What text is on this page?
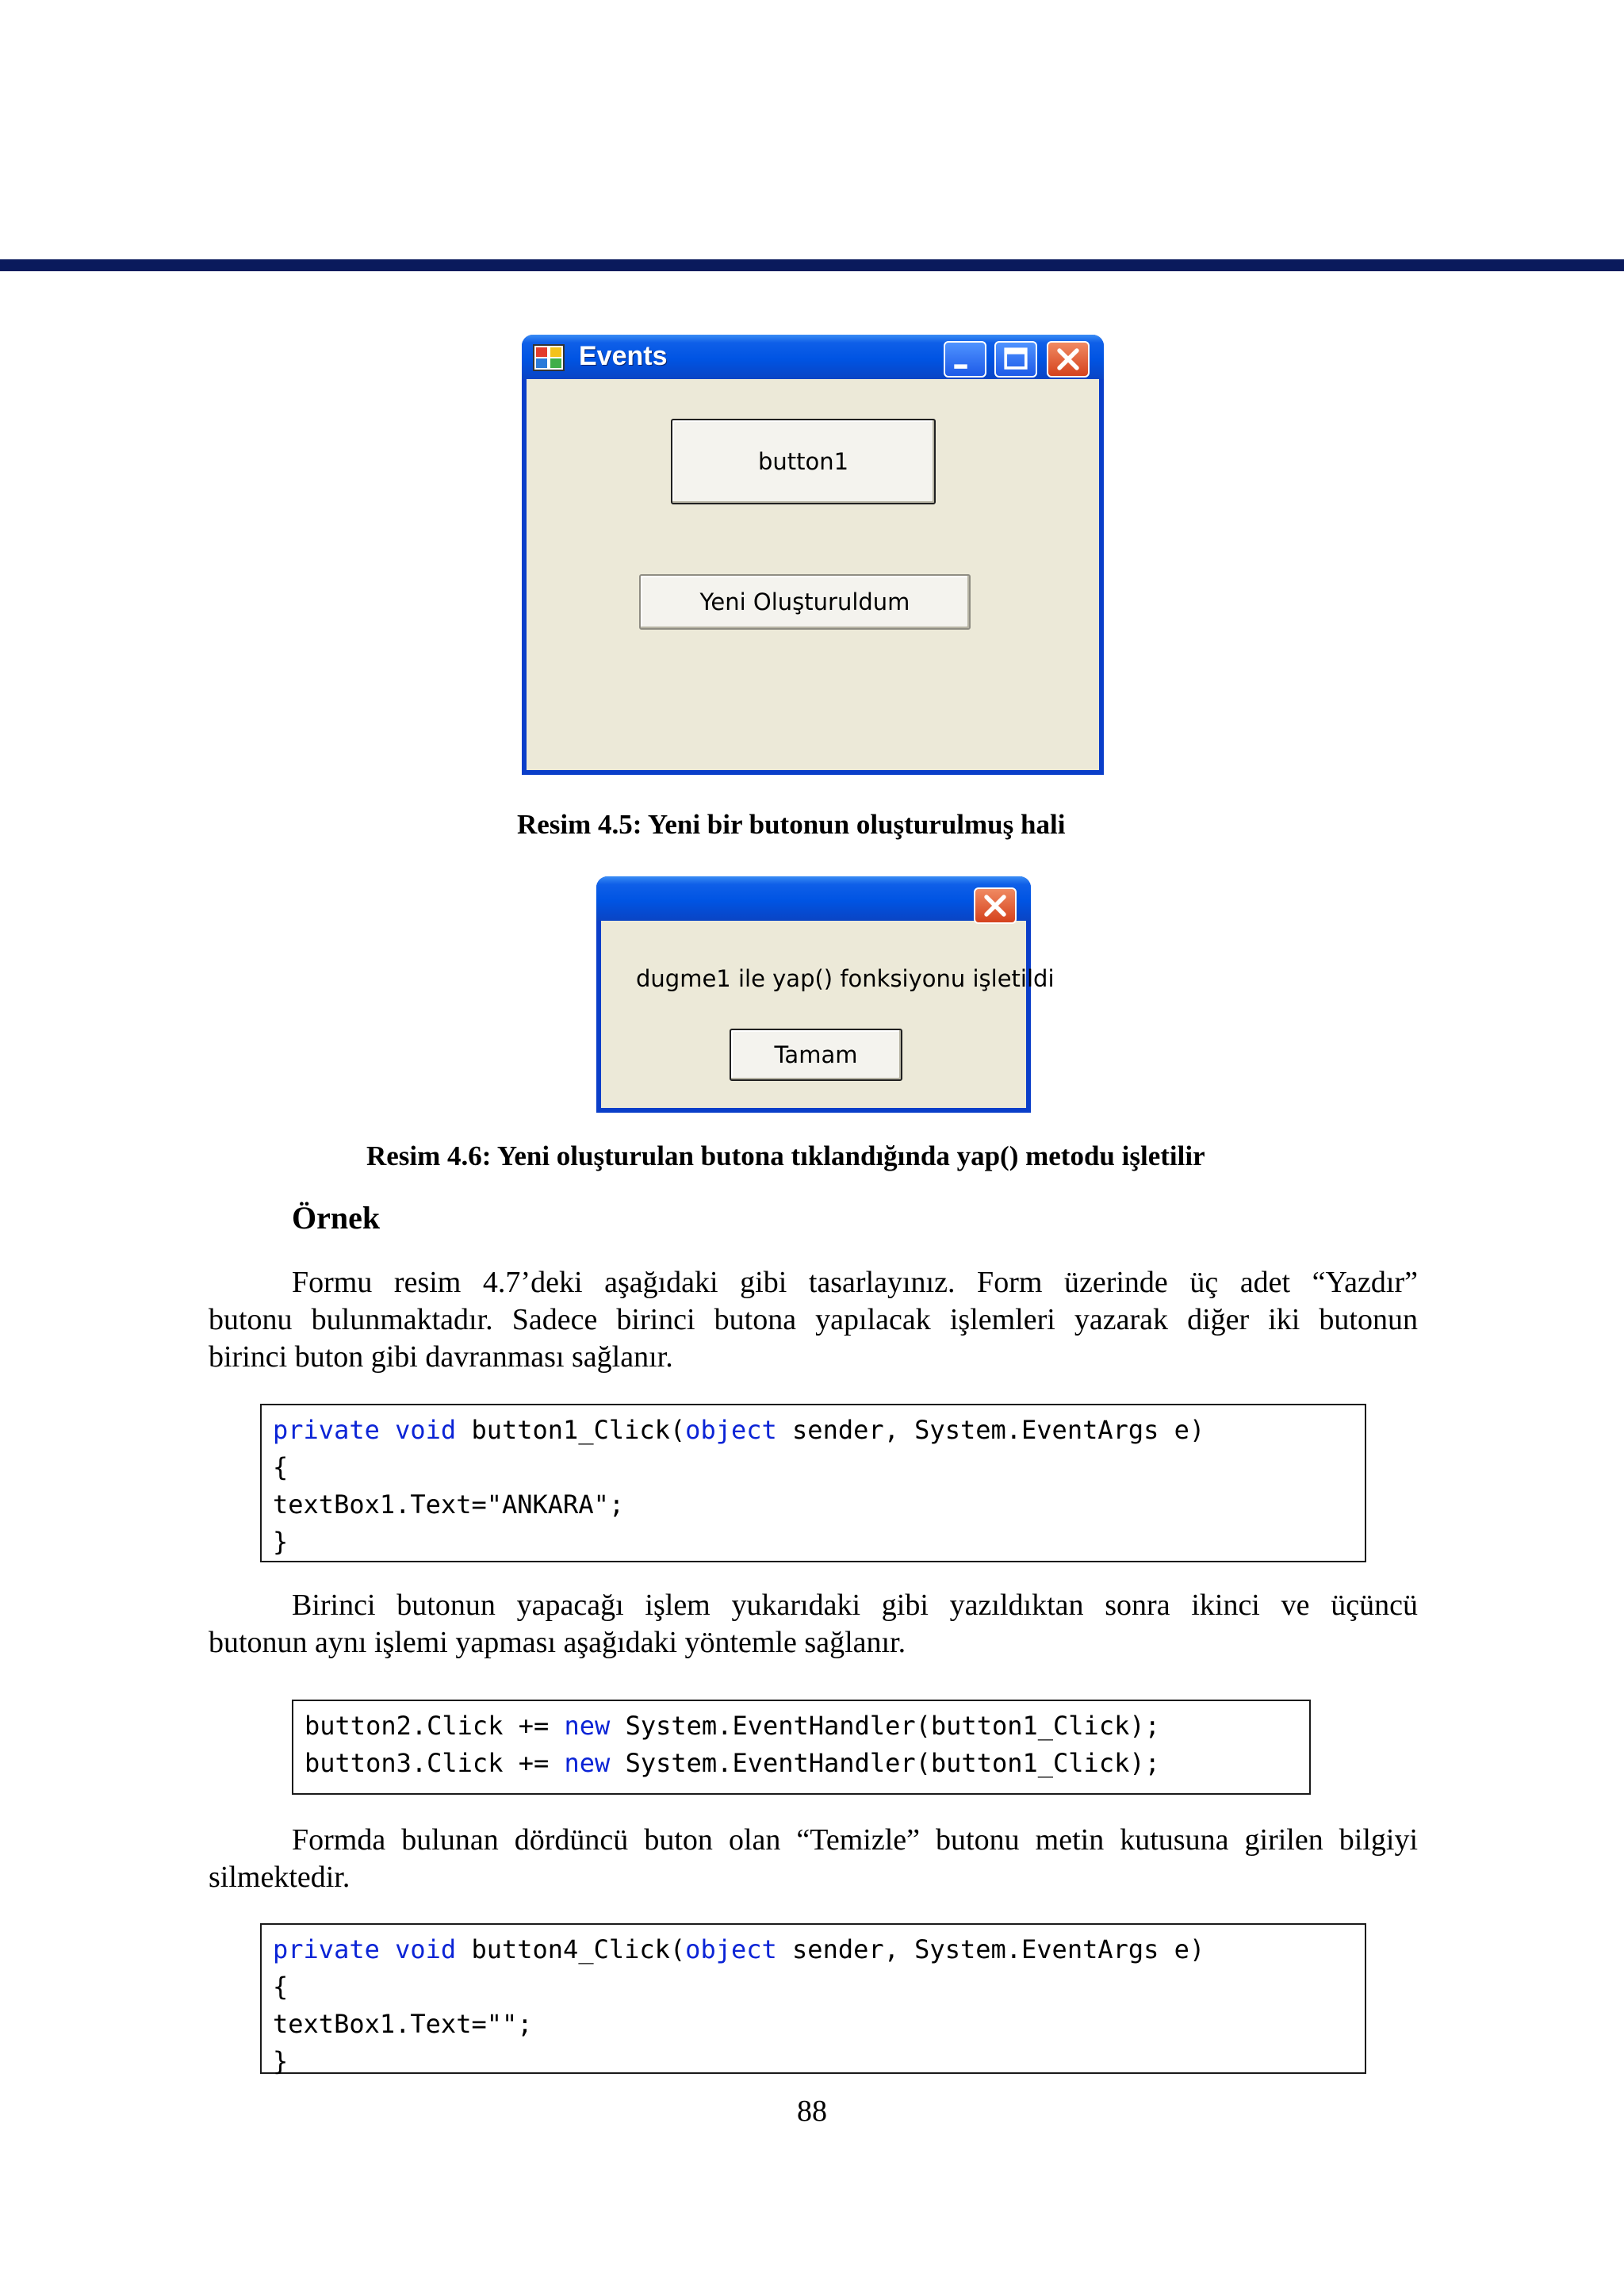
Events
button1
Yeni Oluşturuldum
Resim 4.5: Yeni bir butonun oluşturulmuş hali
dugme1 ile yap() fonksiyonu işletildi
Tamam
Resim 4.6: Yeni oluşturulan butona tıklandığında yap() metodu işletilir
Örnek
Formu resim 4.7’deki aşağıdaki gibi tasarlayınız. Form üzerinde üç adet “Yazdır”
butonu bulunmaktadır. Sadece birinci butona yapılacak işlemleri yazarak diğer iki butonun
birinci buton gibi davranması sağlanır.
private void button1_Click(object sender, System.EventArgs e)
{
textBox1.Text="ANKARA";
}
Birinci butonun yapacağı işlem yukarıdaki gibi yazıldıktan sonra ikinci ve üçüncü
butonun aynı işlemi yapması aşağıdaki yöntemle sağlanır.
button2.Click += new System.EventHandler(button1_Click);
button3.Click += new System.EventHandler(button1_Click);
Formda bulunan dördüncü buton olan “Temizle” butonu metin kutusuna girilen bilgiyi
silmektedir.
private void button4_Click(object sender, System.EventArgs e)
{
textBox1.Text="";
}
88
